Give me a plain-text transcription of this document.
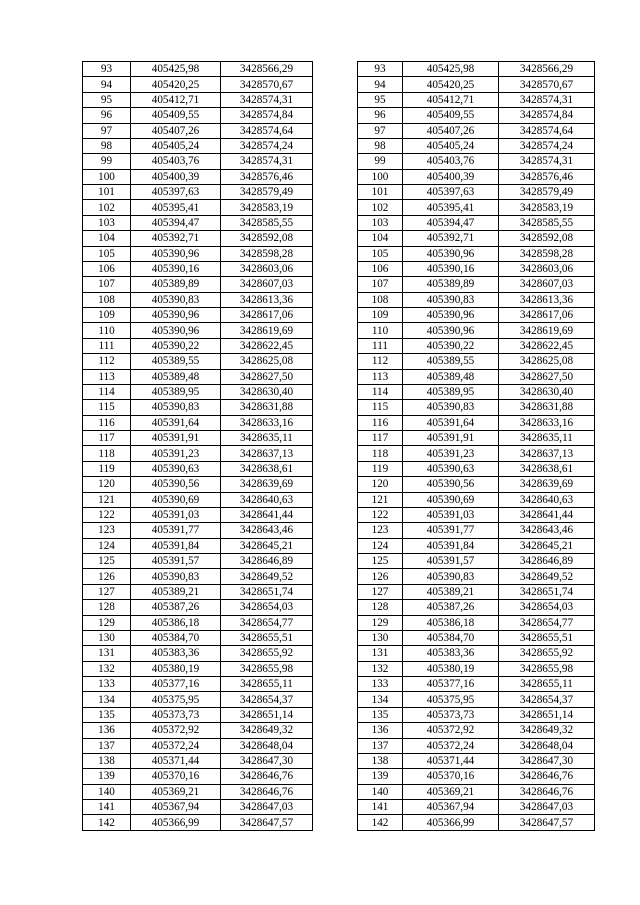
93	405425,98	3428566,29		93	405425,98	3428566,29
94	405420,25	3428570,67		94	405420,25	3428570,67
95	405412,71	3428574,31		95	405412,71	3428574,31
96	405409,55	3428574,84		96	405409,55	3428574,84
97	405407,26	3428574,64		97	405407,26	3428574,64
98	405405,24	3428574,24		98	405405,24	3428574,24
99	405403,76	3428574,31		99	405403,76	3428574,31
100	405400,39	3428576,46		100	405400,39	3428576,46
101	405397,63	3428579,49		101	405397,63	3428579,49
102	405395,41	3428583,19		102	405395,41	3428583,19
103	405394,47	3428585,55		103	405394,47	3428585,55
104	405392,71	3428592,08		104	405392,71	3428592,08
105	405390,96	3428598,28		105	405390,96	3428598,28
106	405390,16	3428603,06		106	405390,16	3428603,06
107	405389,89	3428607,03		107	405389,89	3428607,03
108	405390,83	3428613,36		108	405390,83	3428613,36
109	405390,96	3428617,06		109	405390,96	3428617,06
110	405390,96	3428619,69		110	405390,96	3428619,69
111	405390,22	3428622,45		111	405390,22	3428622,45
112	405389,55	3428625,08		112	405389,55	3428625,08
113	405389,48	3428627,50		113	405389,48	3428627,50
114	405389,95	3428630,40		114	405389,95	3428630,40
115	405390,83	3428631,88		115	405390,83	3428631,88
116	405391,64	3428633,16		116	405391,64	3428633,16
117	405391,91	3428635,11		117	405391,91	3428635,11
118	405391,23	3428637,13		118	405391,23	3428637,13
119	405390,63	3428638,61		119	405390,63	3428638,61
120	405390,56	3428639,69		120	405390,56	3428639,69
121	405390,69	3428640,63		121	405390,69	3428640,63
122	405391,03	3428641,44		122	405391,03	3428641,44
123	405391,77	3428643,46		123	405391,77	3428643,46
124	405391,84	3428645,21		124	405391,84	3428645,21
125	405391,57	3428646,89		125	405391,57	3428646,89
126	405390,83	3428649,52		126	405390,83	3428649,52
127	405389,21	3428651,74		127	405389,21	3428651,74
128	405387,26	3428654,03		128	405387,26	3428654,03
129	405386,18	3428654,77		129	405386,18	3428654,77
130	405384,70	3428655,51		130	405384,70	3428655,51
131	405383,36	3428655,92		131	405383,36	3428655,92
132	405380,19	3428655,98		132	405380,19	3428655,98
133	405377,16	3428655,11		133	405377,16	3428655,11
134	405375,95	3428654,37		134	405375,95	3428654,37
135	405373,73	3428651,14		135	405373,73	3428651,14
136	405372,92	3428649,32		136	405372,92	3428649,32
137	405372,24	3428648,04		137	405372,24	3428648,04
138	405371,44	3428647,30		138	405371,44	3428647,30
139	405370,16	3428646,76		139	405370,16	3428646,76
140	405369,21	3428646,76		140	405369,21	3428646,76
141	405367,94	3428647,03		141	405367,94	3428647,03
142	405366,99	3428647,57		142	405366,99	3428647,57
